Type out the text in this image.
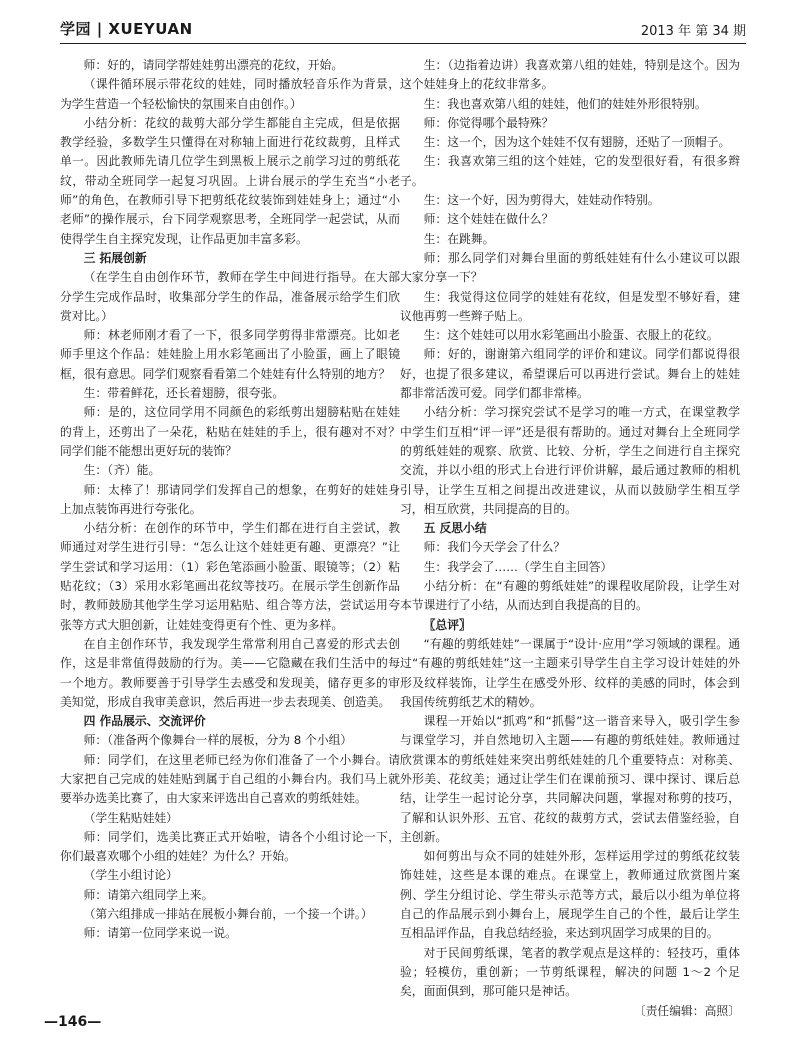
学园 | XUEYUAN	2013 年 第 34 期

师：好的，请同学帮娃娃剪出漂亮的花纹，开始。

（课件循环展示带花纹的娃娃，同时播放轻音乐作为背景，为学生营造一个轻松愉快的氛围来自由创作。）

小结分析：花纹的裁剪大部分学生都能自主完成，但是依据教学经验，多数学生只懂得在对称轴上面进行花纹裁剪，且样式单一。因此教师先请几位学生到黑板上展示之前学习过的剪纸花纹，带动全班同学一起复习巩固。上讲台展示的学生充当“小老师”的角色，在教师引导下把剪纸花纹装饰到娃娃身上；通过“小老师”的操作展示，台下同学观察思考，全班同学一起尝试，从而使得学生自主探究发现，让作品更加丰富多彩。

三 拓展创新

（在学生自由创作环节，教师在学生中间进行指导。在大部分学生完成作品时，收集部分学生的作品，准备展示给学生们欣赏对比。）

师：林老师刚才看了一下，很多同学剪得非常漂亮。比如老师手里这个作品：娃娃脸上用水彩笔画出了小脸蛋，画上了眼镜框，很有意思。同学们观察看看第二个娃娃有什么特别的地方？

生：带着鲜花，还长着翅膀，很夸张。

师：是的，这位同学用不同颜色的彩纸剪出翅膀粘贴在娃娃的背上，还剪出了一朵花，粘贴在娃娃的手上，很有趣对不对？同学们能不能想出更好玩的装饰？

生：（齐）能。

师：太棒了！那请同学们发挥自己的想象，在剪好的娃娃身上加点装饰再进行夸张化。

小结分析：在创作的环节中，学生们都在进行自主尝试，教师通过对学生进行引导：“怎么让这个娃娃更有趣、更漂亮？”让学生尝试和学习运用：（1）彩色笔添画小脸蛋、眼镜等；（2）粘贴花纹；（3）采用水彩笔画出花纹等技巧。在展示学生创新作品时，教师鼓励其他学生学习运用粘贴、组合等方法，尝试运用夸张等方式大胆创新，让娃娃变得更有个性、更为多样。

在自主创作环节，我发现学生常常利用自己喜爱的形式去创作，这是非常值得鼓励的行为。美——它隐藏在我们生活中的每一个地方。教师要善于引导学生去感受和发现美，储存更多的审美知觉，形成自我审美意识，然后再进一步去表现美、创造美。

四 作品展示、交流评价

师：（准备两个像舞台一样的展板，分为 8 个小组）

师：同学们，在这里老师已经为你们准备了一个小舞台。请大家把自己完成的娃娃贴到属于自己组的小舞台内。我们马上就要举办选美比赛了，由大家来评选出自己喜欢的剪纸娃娃。

（学生粘贴娃娃）

师：同学们，选美比赛正式开始啦，请各个小组讨论一下，你们最喜欢哪个小组的娃娃？为什么？开始。

（学生小组讨论）

师：请第六组同学上来。

（第六组排成一排站在展板小舞台前，一个接一个讲。）

师：请第一位同学来说一说。

生：（边指着边讲）我喜欢第八组的娃娃，特别是这个。因为这个娃娃身上的花纹非常多。

生：我也喜欢第八组的娃娃，他们的娃娃外形很特别。

师：你觉得哪个最特殊？

生：这一个，因为这个娃娃不仅有翅膀，还贴了一顶帽子。

生：我喜欢第三组的这个娃娃，它的发型很好看，有很多辫子。

生：这一个好，因为剪得大，娃娃动作特别。

师：这个娃娃在做什么？

生：在跳舞。

师：那么同学们对舞台里面的剪纸娃娃有什么小建议可以跟大家分享一下？

生：我觉得这位同学的娃娃有花纹，但是发型不够好看，建议他再剪一些辫子贴上。

生：这个娃娃可以用水彩笔画出小脸蛋、衣服上的花纹。

师：好的，谢谢第六组同学的评价和建议。同学们都说得很好，也提了很多建议，希望课后可以再进行尝试。舞台上的娃娃都非常活泼可爱。同学们都非常棒。

小结分析：学习探究尝试不是学习的唯一方式，在课堂教学中学生们互相“评一评”还是很有帮助的。通过对舞台上全班同学的剪纸娃娃的观察、欣赏、比较、分析，学生之间进行自主探究交流，并以小组的形式上台进行评价讲解，最后通过教师的相机引导，让学生互相之间提出改进建议，从而以鼓励学生相互学习，相互欣赏，共同提高的目的。

五 反思小结

师：我们今天学会了什么？

生：我学会了……（学生自主回答）

小结分析：在“有趣的剪纸娃娃”的课程收尾阶段，让学生对本节课进行了小结，从而达到自我提高的目的。

〖总评〗

“有趣的剪纸娃娃”一课属于“设计·应用”学习领域的课程。通过“有趣的剪纸娃娃”这一主题来引导学生自主学习设计娃娃的外形及纹样装饰，让学生在感受外形、纹样的美感的同时，体会到我国传统剪纸艺术的精妙。

课程一开始以“抓鸡”和“抓髻”这一谐音来导入，吸引学生参与课堂学习，并自然地切入主题——有趣的剪纸娃娃。教师通过欣赏课本的剪纸娃娃来突出剪纸娃娃的几个重要特点：对称美、外形美、花纹美；通过让学生们在课前预习、课中探讨、课后总结，让学生一起讨论分享，共同解决问题，掌握对称剪的技巧，了解和认识外形、五官、花纹的裁剪方式，尝试去借鉴经验，自主创新。

如何剪出与众不同的娃娃外形，怎样运用学过的剪纸花纹装饰娃娃，这些是本课的难点。在课堂上，教师通过欣赏图片案例、学生分组讨论、学生带头示范等方式，最后以小组为单位将自己的作品展示到小舞台上，展现学生自己的个性，最后让学生互相品评作品，自我总结经验，来达到巩固学习成果的目的。

对于民间剪纸课，笔者的教学观点是这样的：轻技巧，重体验；轻模仿，重创新；一节剪纸课程，解决的问题 1～2 个足矣，面面俱到，那可能只是神话。

〔责任编辑：高照〕

—146—
